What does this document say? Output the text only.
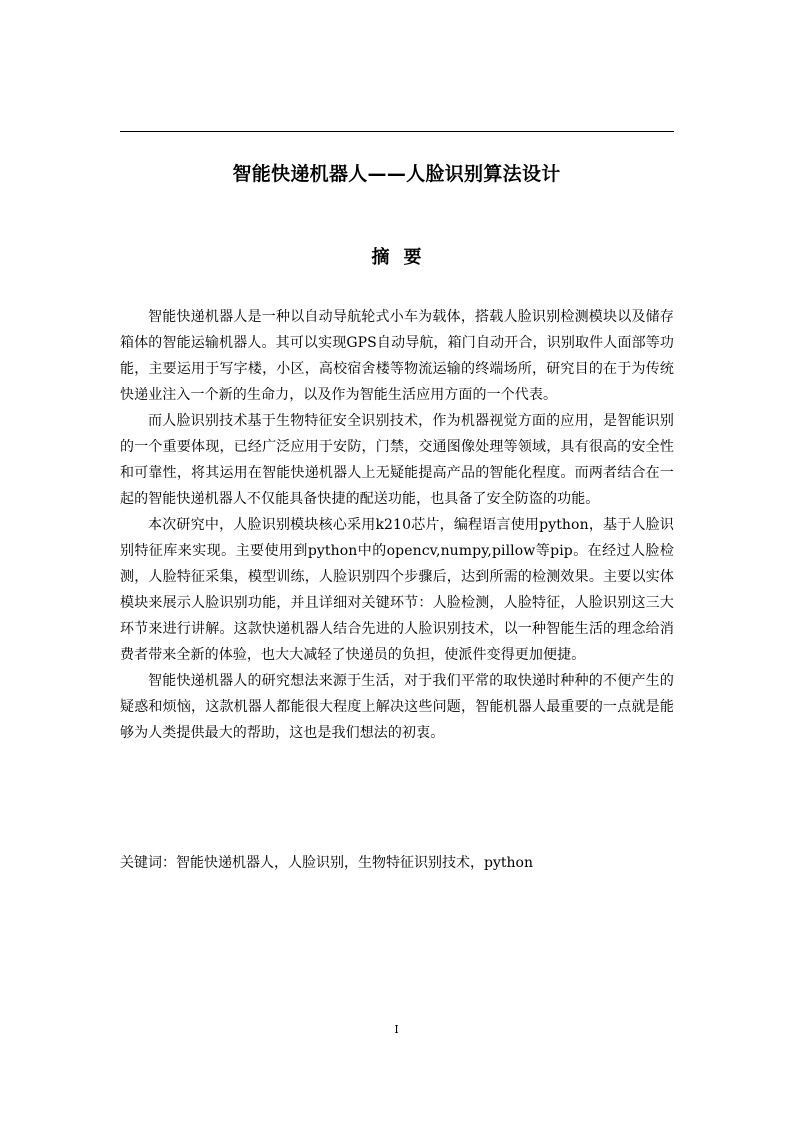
智能快递机器人——人脸识别算法设计
摘要

智能快递机器人是一种以自动导航轮式小车为载体，搭载人脸识别检测模块以及储存箱体的智能运输机器人。其可以实现GPS自动导航，箱门自动开合，识别取件人面部等功能，主要运用于写字楼，小区，高校宿舍楼等物流运输的终端场所，研究目的在于为传统快递业注入一个新的生命力，以及作为智能生活应用方面的一个代表。

而人脸识别技术基于生物特征安全识别技术，作为机器视觉方面的应用，是智能识别的一个重要体现，已经广泛应用于安防，门禁，交通图像处理等领域，具有很高的安全性和可靠性，将其运用在智能快递机器人上无疑能提高产品的智能化程度。而两者结合在一起的智能快递机器人不仅能具备快捷的配送功能，也具备了安全防盗的功能。

本次研究中，人脸识别模块核心采用k210芯片，编程语言使用python，基于人脸识别特征库来实现。主要使用到python中的opencv,numpy,pillow等pip。在经过人脸检测，人脸特征采集，模型训练，人脸识别四个步骤后，达到所需的检测效果。主要以实体模块来展示人脸识别功能，并且详细对关键环节：人脸检测，人脸特征，人脸识别这三大环节来进行讲解。这款快递机器人结合先进的人脸识别技术，以一种智能生活的理念给消费者带来全新的体验，也大大减轻了快递员的负担，使派件变得更加便捷。

智能快递机器人的研究想法来源于生活，对于我们平常的取快递时种种的不便产生的疑惑和烦恼，这款机器人都能很大程度上解决这些问题，智能机器人最重要的一点就是能够为人类提供最大的帮助，这也是我们想法的初衷。

关键词：智能快递机器人，人脸识别，生物特征识别技术，python
I
